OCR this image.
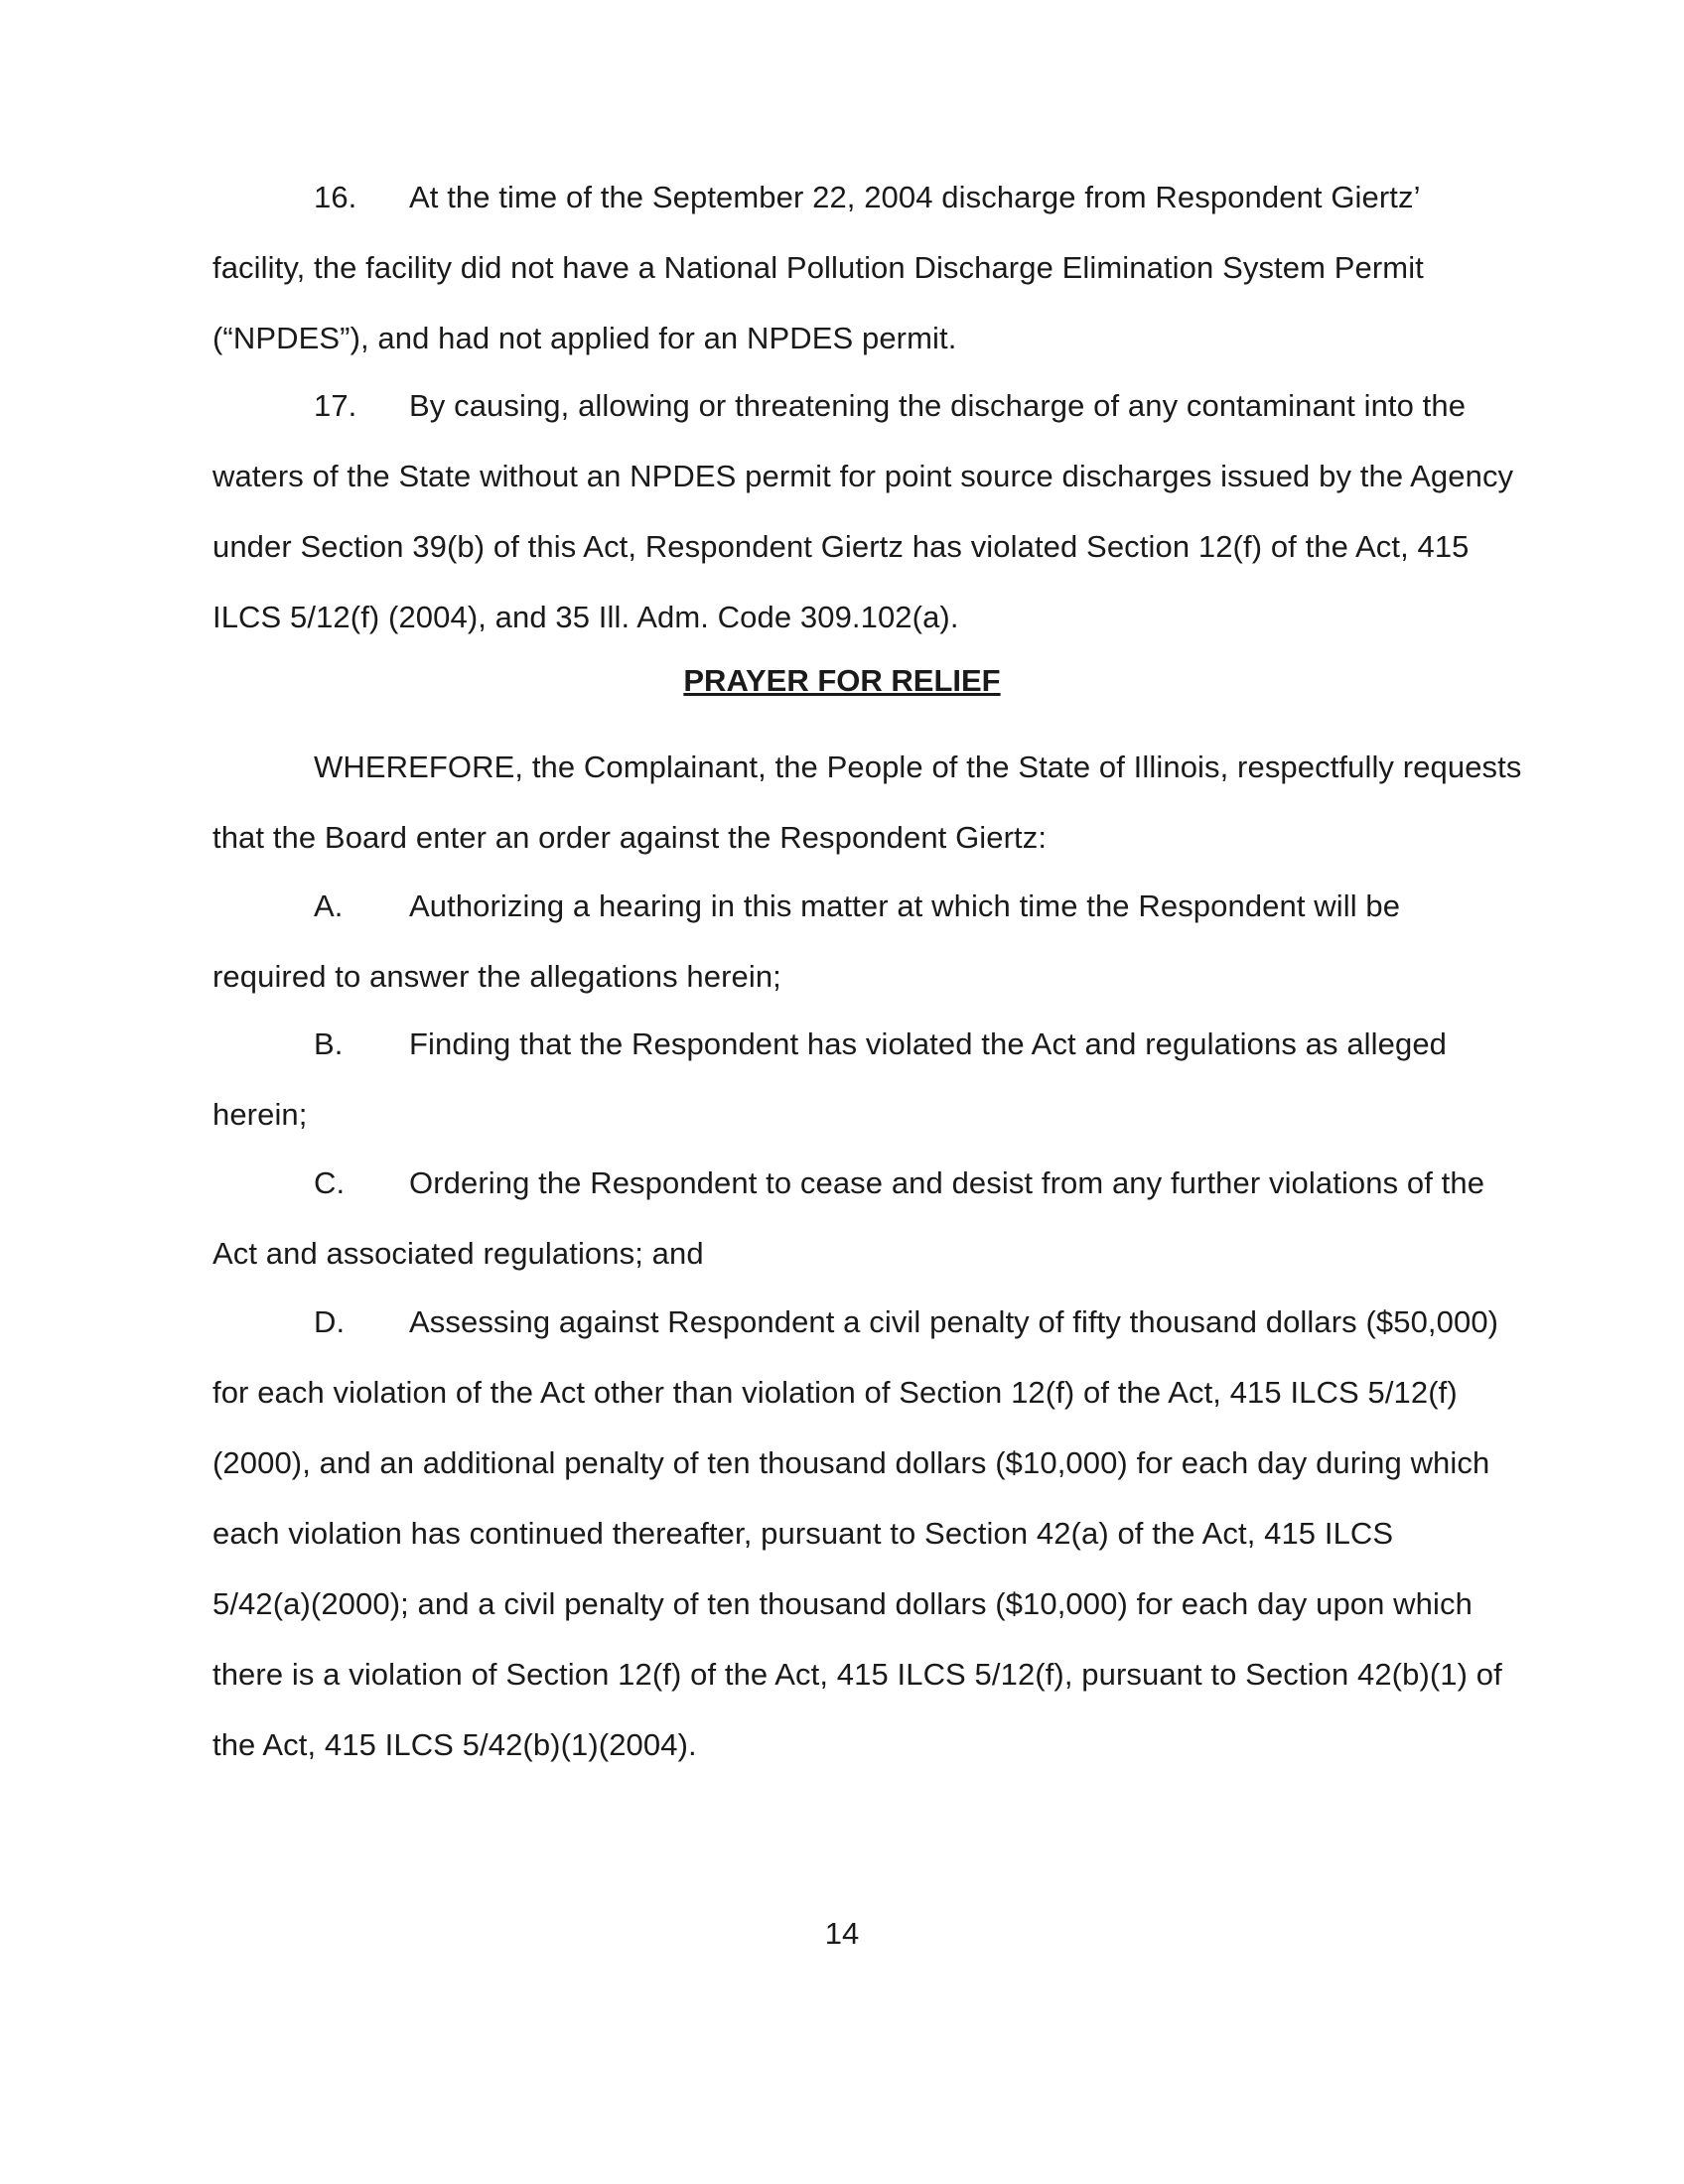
16. At the time of the September 22, 2004 discharge from Respondent Giertz’
facility, the facility did not have a National Pollution Discharge Elimination System Permit
(“NPDES”), and had not applied for an NPDES permit.
17. By causing, allowing or threatening the discharge of any contaminant into the
waters of the State without an NPDES permit for point source discharges issued by the Agency
under Section 39(b) of this Act, Respondent Giertz has violated Section 12(f) of the Act, 415
ILCS 5/12(f) (2004), and 35 Ill. Adm. Code 309.102(a).
PRAYER FOR RELIEF
WHEREFORE, the Complainant, the People of the State of Illinois, respectfully requests
that the Board enter an order against the Respondent Giertz:
A. Authorizing a hearing in this matter at which time the Respondent will be
required to answer the allegations herein;
B. Finding that the Respondent has violated the Act and regulations as alleged
herein;
C. Ordering the Respondent to cease and desist from any further violations of the
Act and associated regulations; and
D. Assessing against Respondent a civil penalty of fifty thousand dollars ($50,000)
for each violation of the Act other than violation of Section 12(f) of the Act, 415 ILCS 5/12(f)
(2000), and an additional penalty of ten thousand dollars ($10,000) for each day during which
each violation has continued thereafter, pursuant to Section 42(a) of the Act, 415 ILCS
5/42(a)(2000); and a civil penalty of ten thousand dollars ($10,000) for each day upon which
there is a violation of Section 12(f) of the Act, 415 ILCS 5/12(f), pursuant to Section 42(b)(1) of
the Act, 415 ILCS 5/42(b)(1)(2004).
14
